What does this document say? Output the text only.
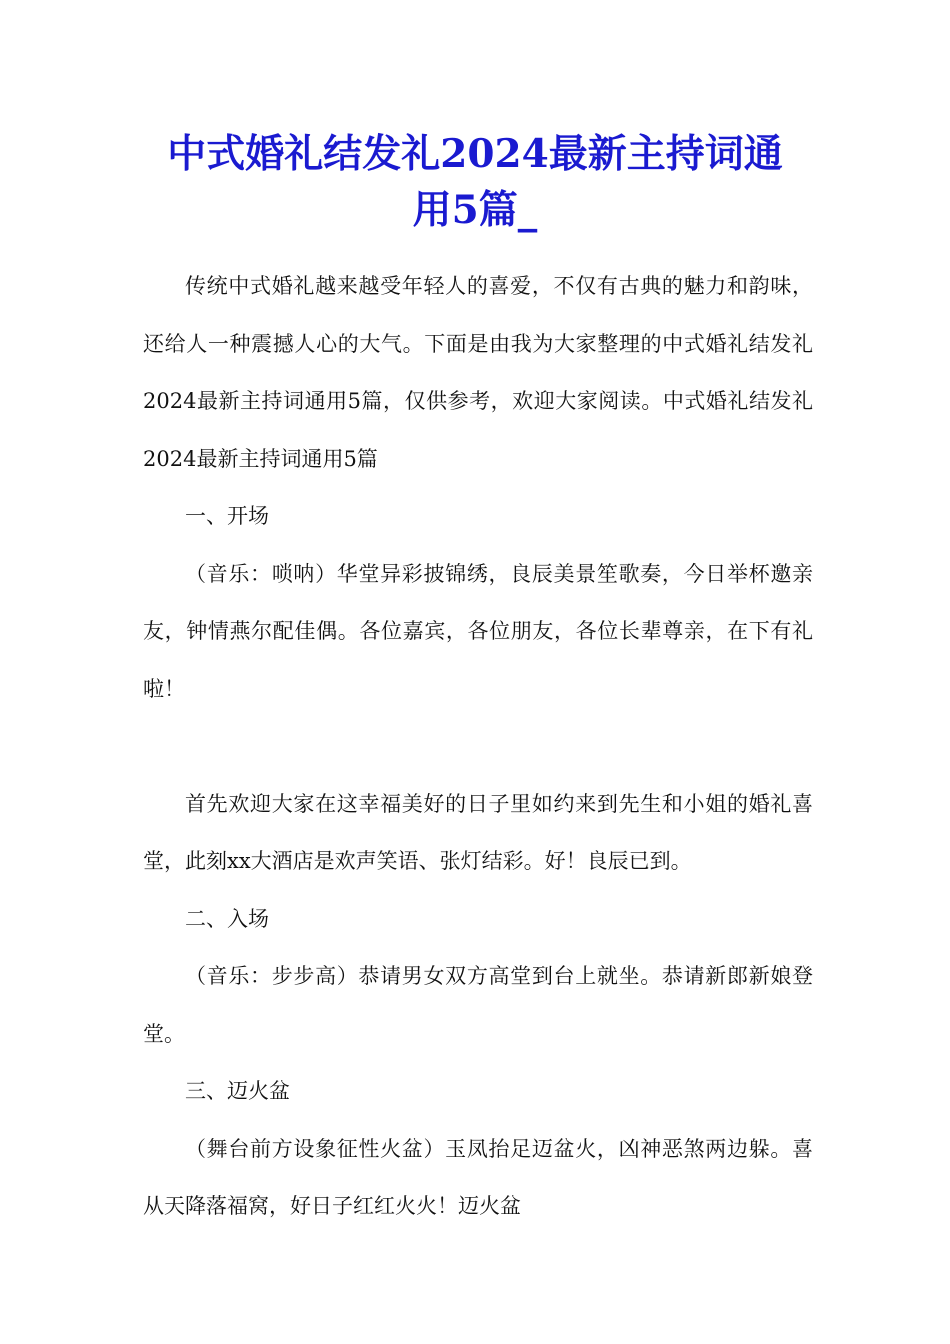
中式婚礼结发礼2024最新主持词通
用5篇_

传统中式婚礼越来越受年轻人的喜爱，不仅有古典的魅力和韵味，还给人一种震撼人心的大气。下面是由我为大家整理的中式婚礼结发礼2024最新主持词通用5篇，仅供参考，欢迎大家阅读。中式婚礼结发礼2024最新主持词通用5篇

一、开场

（音乐：唢呐）华堂异彩披锦绣，良辰美景笙歌奏，今日举杯邀亲友，钟情燕尔配佳偶。各位嘉宾，各位朋友，各位长辈尊亲，在下有礼啦！

首先欢迎大家在这幸福美好的日子里如约来到先生和小姐的婚礼喜堂，此刻xx大酒店是欢声笑语、张灯结彩。好！良辰已到。

二、入场

（音乐：步步高）恭请男女双方高堂到台上就坐。恭请新郎新娘登堂。

三、迈火盆

（舞台前方设象征性火盆）玉凤抬足迈盆火，凶神恶煞两边躲。喜从天降落福窝，好日子红红火火！迈火盆
